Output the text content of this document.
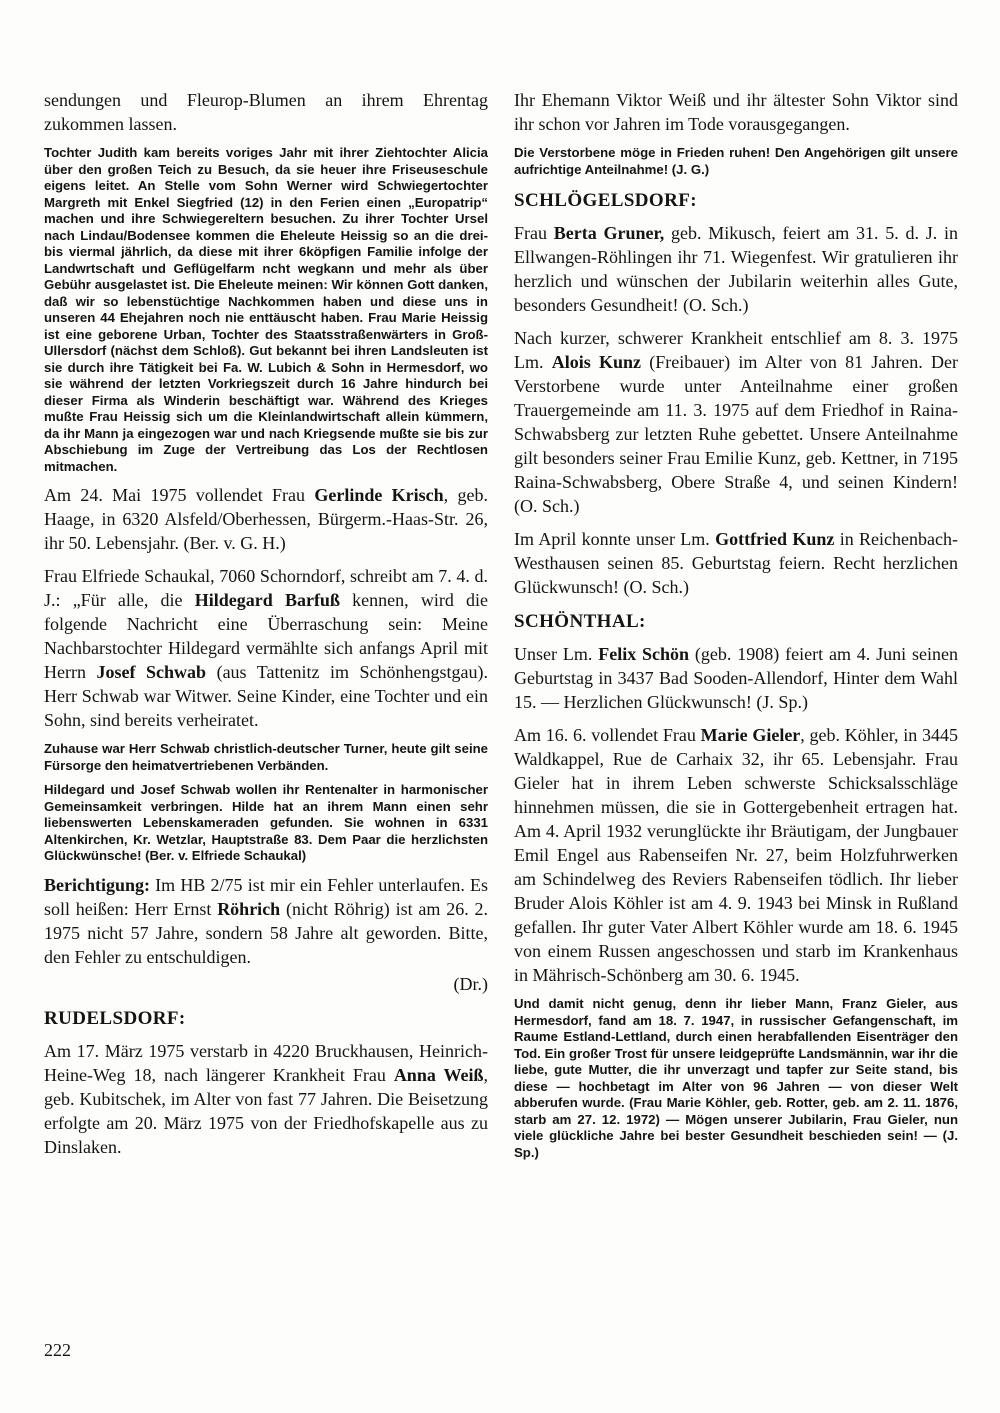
sendungen und Fleurop-Blumen an ihrem Ehrentag zukommen lassen.

Tochter Judith kam bereits voriges Jahr mit ihrer Ziehtochter Alicia über den großen Teich zu Besuch, da sie heuer ihre Friseuseschule eigens leitet. An Stelle vom Sohn Werner wird Schwiegertochter Margreth mit Enkel Siegfried (12) in den Ferien einen „Europatrip“ machen und ihre Schwiegereltern besuchen. Zu ihrer Tochter Ursel nach Lindau/Bodensee kommen die Eheleute Heissig so an die drei- bis viermal jährlich, da diese mit ihrer 6köpfigen Familie infolge der Landwrtschaft und Geflügelfarm ncht wegkann und mehr als über Gebühr ausgelastet ist. Die Eheleute meinen: Wir können Gott danken, daß wir so lebenstüchtige Nachkommen haben und diese uns in unseren 44 Ehejahren noch nie enttäuscht haben. Frau Marie Heissig ist eine geborene Urban, Tochter des Staatsstraßenwärters in Groß-Ullersdorf (nächst dem Schloß). Gut bekannt bei ihren Landsleuten ist sie durch ihre Tätigkeit bei Fa. W. Lubich & Sohn in Hermesdorf, wo sie während der letzten Vorkriegszeit durch 16 Jahre hindurch bei dieser Firma als Winderin beschäftigt war. Während des Krieges mußte Frau Heissig sich um die Kleinlandwirtschaft allein kümmern, da ihr Mann ja eingezogen war und nach Kriegsende mußte sie bis zur Abschiebung im Zuge der Vertreibung das Los der Rechtlosen mitmachen.

Am 24. Mai 1975 vollendet Frau Gerlinde Krisch, geb. Haage, in 6320 Alsfeld/Oberhessen, Bürgerm.-Haas-Str. 26, ihr 50. Lebensjahr. (Ber. v. G. H.)

Frau Elfriede Schaukal, 7060 Schorndorf, schreibt am 7. 4. d. J.: „Für alle, die Hildegard Barfuß kennen, wird die folgende Nachricht eine Überraschung sein: Meine Nachbarstochter Hildegard vermählte sich anfangs April mit Herrn Josef Schwab (aus Tattenitz im Schönhengstgau). Herr Schwab war Witwer. Seine Kinder, eine Tochter und ein Sohn, sind bereits verheiratet.

Zuhause war Herr Schwab christlich-deutscher Turner, heute gilt seine Fürsorge den heimatvertriebenen Verbänden.

Hildegard und Josef Schwab wollen ihr Rentenalter in harmonischer Gemeinsamkeit verbringen. Hilde hat an ihrem Mann einen sehr liebenswerten Lebenskameraden gefunden. Sie wohnen in 6331 Altenkirchen, Kr. Wetzlar, Hauptstraße 83. Dem Paar die herzlichsten Glückwünsche! (Ber. v. Elfriede Schaukal)

Berichtigung: Im HB 2/75 ist mir ein Fehler unterlaufen. Es soll heißen: Herr Ernst Röhrich (nicht Röhrig) ist am 26. 2. 1975 nicht 57 Jahre, sondern 58 Jahre alt geworden. Bitte, den Fehler zu entschuldigen.

(Dr.)

RUDELSDORF:

Am 17. März 1975 verstarb in 4220 Bruckhausen, Heinrich-Heine-Weg 18, nach längerer Krankheit Frau Anna Weiß, geb. Kubitschek, im Alter von fast 77 Jahren. Die Beisetzung erfolgte am 20. März 1975 von der Friedhofskapelle aus zu Dinslaken.

Ihr Ehemann Viktor Weiß und ihr ältester Sohn Viktor sind ihr schon vor Jahren im Tode vorausgegangen.

Die Verstorbene möge in Frieden ruhen! Den Angehörigen gilt unsere aufrichtige Anteilnahme! (J. G.)

SCHLÖGELSDORF:

Frau Berta Gruner, geb. Mikusch, feiert am 31. 5. d. J. in Ellwangen-Röhlingen ihr 71. Wiegenfest. Wir gratulieren ihr herzlich und wünschen der Jubilarin weiterhin alles Gute, besonders Gesundheit! (O. Sch.)

Nach kurzer, schwerer Krankheit entschlief am 8. 3. 1975 Lm. Alois Kunz (Freibauer) im Alter von 81 Jahren. Der Verstorbene wurde unter Anteilnahme einer großen Trauergemeinde am 11. 3. 1975 auf dem Friedhof in Raina-Schwabsberg zur letzten Ruhe gebettet. Unsere Anteilnahme gilt besonders seiner Frau Emilie Kunz, geb. Kettner, in 7195 Raina-Schwabsberg, Obere Straße 4, und seinen Kindern! (O. Sch.)

Im April konnte unser Lm. Gottfried Kunz in Reichenbach-Westhausen seinen 85. Geburtstag feiern. Recht herzlichen Glückwunsch! (O. Sch.)

SCHÖNTHAL:

Unser Lm. Felix Schön (geb. 1908) feiert am 4. Juni seinen Geburtstag in 3437 Bad Sooden-Allendorf, Hinter dem Wahl 15. — Herzlichen Glückwunsch! (J. Sp.)

Am 16. 6. vollendet Frau Marie Gieler, geb. Köhler, in 3445 Waldkappel, Rue de Carhaix 32, ihr 65. Lebensjahr. Frau Gieler hat in ihrem Leben schwerste Schicksalsschläge hinnehmen müssen, die sie in Gottergebenheit ertragen hat. Am 4. April 1932 verunglückte ihr Bräutigam, der Jungbauer Emil Engel aus Rabenseifen Nr. 27, beim Holzfuhrwerken am Schindelweg des Reviers Rabenseifen tödlich. Ihr lieber Bruder Alois Köhler ist am 4. 9. 1943 bei Minsk in Rußland gefallen. Ihr guter Vater Albert Köhler wurde am 18. 6. 1945 von einem Russen angeschossen und starb im Krankenhaus in Mährisch-Schönberg am 30. 6. 1945.

Und damit nicht genug, denn ihr lieber Mann, Franz Gieler, aus Hermesdorf, fand am 18. 7. 1947, in russischer Gefangenschaft, im Raume Estland-Lettland, durch einen herabfallenden Eisenträger den Tod. Ein großer Trost für unsere leidgeprüfte Landsmännin, war ihr die liebe, gute Mutter, die ihr unverzagt und tapfer zur Seite stand, bis diese — hochbetagt im Alter von 96 Jahren — von dieser Welt abberufen wurde. (Frau Marie Köhler, geb. Rotter, geb. am 2. 11. 1876, starb am 27. 12. 1972) — Mögen unserer Jubilarin, Frau Gieler, nun viele glückliche Jahre bei bester Gesundheit beschieden sein! — (J. Sp.)

222
